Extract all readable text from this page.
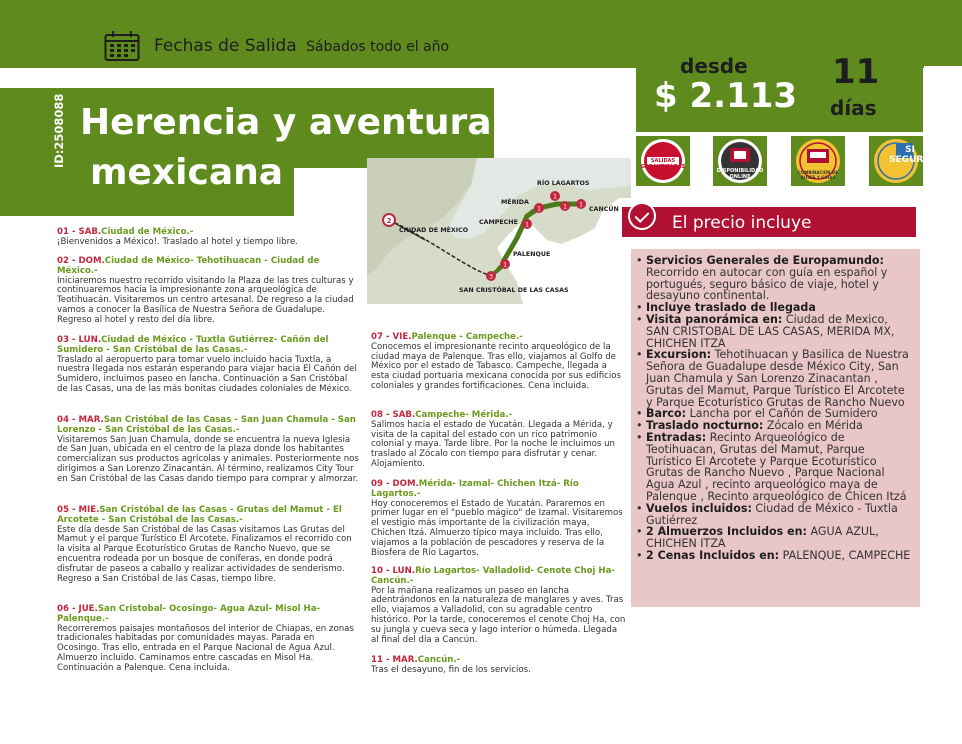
Fechas de Salida Sábados todo el año
Herencia y aventura
mexicana
ID:2508088
desde
$ 2.113
11
días
SALIDAS GARANTIZADAS
DISPONIBILIDAD ONLINE
COMBINACIÓN DE BUSES Y GUÍAS
SI SEGURO
2
3
1
1
1
1
1 1
RÍO LAGARTOS
MÉRIDA
CANCÚN
CAMPECHE
CIUDAD DE MÉXICO
PALENQUE
SAN CRISTÓBAL DE LAS CASAS
El precio incluye
• Servicios Generales de Europamundo: Recorrido en autocar con guía en español y portugués, seguro básico de viaje, hotel y desayuno continental.
• Incluye traslado de llegada
• Visita panorámica en: Ciudad de Mexico, SAN CRISTOBAL DE LAS CASAS, MERIDA MX, CHICHEN ITZA
• Excursion: Tehotihuacan y Basilica de Nuestra Señora de Guadalupe desde México City, San Juan Chamula y San Lorenzo Zinacantan , Grutas del Mamut, Parque Turístico El Arcotete y Parque Ecoturístico Grutas de Rancho Nuevo
• Barco: Lancha por el Cañón de Sumidero
• Traslado nocturno: Zócalo en Mérida
• Entradas: Recinto Arqueológico de Teotihuacan, Grutas del Mamut, Parque Turístico El Arcotete y Parque Ecoturístico Grutas de Rancho Nuevo , Parque Nacional Agua Azul , recinto arqueológico maya de Palenque , Recinto arqueológico de Chicen Itzá
• Vuelos incluidos: Ciudad de México - Tuxtla Gutiérrez
• 2 Almuerzos Incluidos en: AGUA AZUL, CHICHEN ITZA
• 2 Cenas Incluidos en: PALENQUE, CAMPECHE
01 - SAB.Ciudad de México.-
¡Bienvenidos a México!. Traslado al hotel y tiempo libre.
02 - DOM.Ciudad de México- Tehotihuacan - Ciudad de México.-
Iniciaremos nuestro recorrido visitando la Plaza de las tres culturas y continuaremos hacia la impresionante zona arqueológica de Teotihuacán. Visitaremos un centro artesanal. De regreso a la ciudad vamos a conocer la Basílica de Nuestra Señora de Guadalupe. Regreso al hotel y resto del día libre.
03 - LUN.Ciudad de México - Tuxtla Gutiérrez- Cañón del Sumidero - San Cristóbal de las Casas.-
Traslado al aeropuerto para tomar vuelo incluido hacia Tuxtla, a nuestra llegada nos estarán esperando para viajar hacia El Cañón del Sumidero, incluimos paseo en lancha. Continuación a San Cristóbal de las Casas, una de las más bonitas ciudades coloniales de México.
04 - MAR.San Cristóbal de las Casas - San Juan Chamula - San Lorenzo - San Cristóbal de las Casas.-
Visitaremos San Juan Chamula, donde se encuentra la nueva Iglesia de San Juan, ubicada en el centro de la plaza donde los habitantes comercializan sus productos agrícolas y animales. Posteriormente nos dirigimos a San Lorenzo Zinacantán. Al término, realizamos City Tour en San Cristóbal de las Casas dando tiempo para comprar y almorzar.
05 - MIE.San Cristóbal de las Casas - Grutas del Mamut - El Arcotete - San Cristóbal de las Casas.-
Este día desde San Cristóbal de las Casas visitamos Las Grutas del Mamut y el parque Turístico El Arcotete. Finalizamos el recorrido con la visita al Parque Ecoturístico Grutas de Rancho Nuevo, que se encuentra rodeada por un bosque de coníferas, en donde podrá disfrutar de paseos a caballo y realizar actividades de senderismo. Regreso a San Cristóbal de las Casas, tiempo libre.
06 - JUE.San Cristobal- Ocosingo- Agua Azul- Misol Ha- Palenque.-
Recorreremos paisajes montañosos del interior de Chiapas, en zonas tradicionales habitadas por comunidades mayas. Parada en Ocosingo. Tras ello, entrada en el Parque Nacional de Agua Azul. Almuerzo incluido. Caminamos entre cascadas en Misol Ha. Continuación a Palenque. Cena incluida.
07 - VIE.Palenque - Campeche.-
Conocemos el impresionante recinto arqueológico de la ciudad maya de Palenque. Tras ello, viajamos al Golfo de México por el estado de Tabasco. Campeche, llegada a esta ciudad portuaria mexicana conocida por sus edificios coloniales y grandes fortificaciones. Cena incluida.
08 - SAB.Campeche- Mérida.-
Salimos hacia el estado de Yucatán. Llegada a Mérida, y visita de la capital del estado con un rico patrimonio colonial y maya. Tarde libre. Por la noche le incluimos un traslado al Zócalo con tiempo para disfrutar y cenar. Alojamiento.
09 - DOM.Mérida- Izamal- Chichen Itzá- Río Lagartos.-
Hoy conoceremos el Estado de Yucatán. Pararemos en primer lugar en el "pueblo mágico" de Izamal. Visitaremos el vestigio más importante de la civilización maya, Chichen Itzá. Almuerzo típico maya incluido. Tras ello, viajamos a la población de pescadores y reserva de la Biosfera de Río Lagartos.
10 - LUN.Río Lagartos- Valladolid- Cenote Choj Ha- Cancún.-
Por la mañana realizamos un paseo en lancha adentrándonos en la naturaleza de manglares y aves. Tras ello, viajamos a Valladolid, con su agradable centro histórico. Por la tarde, conoceremos el cenote Choj Ha, con su jungla y cueva seca y lago interior o húmeda. Llegada al final del día a Cancún.
11 - MAR.Cancún.-
Tras el desayuno, fin de los servicios.
